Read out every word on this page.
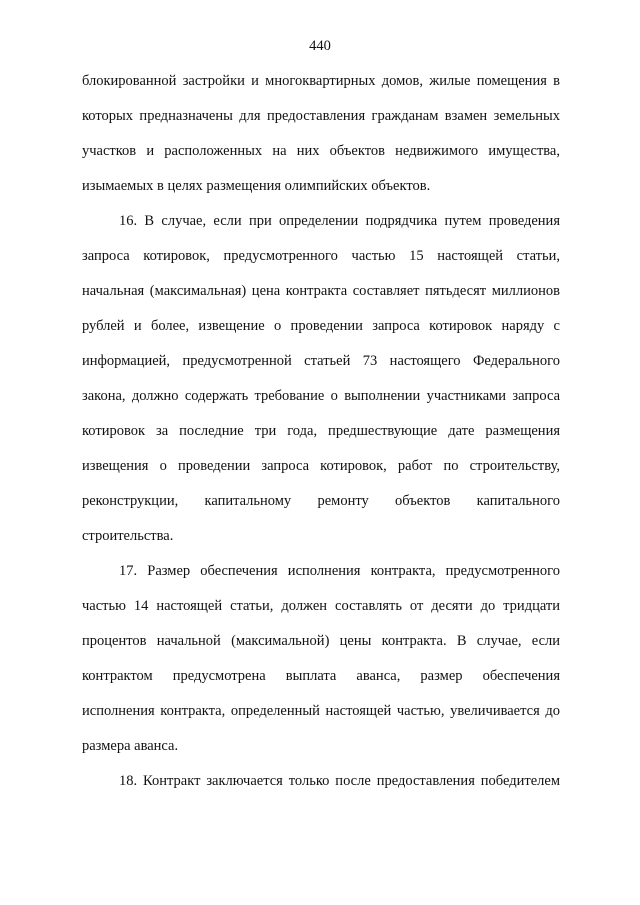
440
блокированной застройки и многоквартирных домов, жилые помещения в
которых предназначены для предоставления гражданам взамен земельных
участков и расположенных на них объектов недвижимого имущества,
изымаемых в целях размещения олимпийских объектов.
16. В случае, если при определении подрядчика путем проведения
запроса котировок, предусмотренного частью 15 настоящей статьи,
начальная (максимальная) цена контракта составляет пятьдесят миллионов
рублей и более, извещение о проведении запроса котировок наряду с
информацией, предусмотренной статьей 73 настоящего Федерального
закона, должно содержать требование о выполнении участниками запроса
котировок за последние три года, предшествующие дате размещения
извещения о проведении запроса котировок, работ по строительству,
реконструкции, капитальному ремонту объектов капитального
строительства.
17. Размер обеспечения исполнения контракта, предусмотренного
частью 14 настоящей статьи, должен составлять от десяти до тридцати
процентов начальной (максимальной) цены контракта. В случае, если
контрактом предусмотрена выплата аванса, размер обеспечения
исполнения контракта, определенный настоящей частью, увеличивается до
размера аванса.
18. Контракт заключается только после предоставления победителем
